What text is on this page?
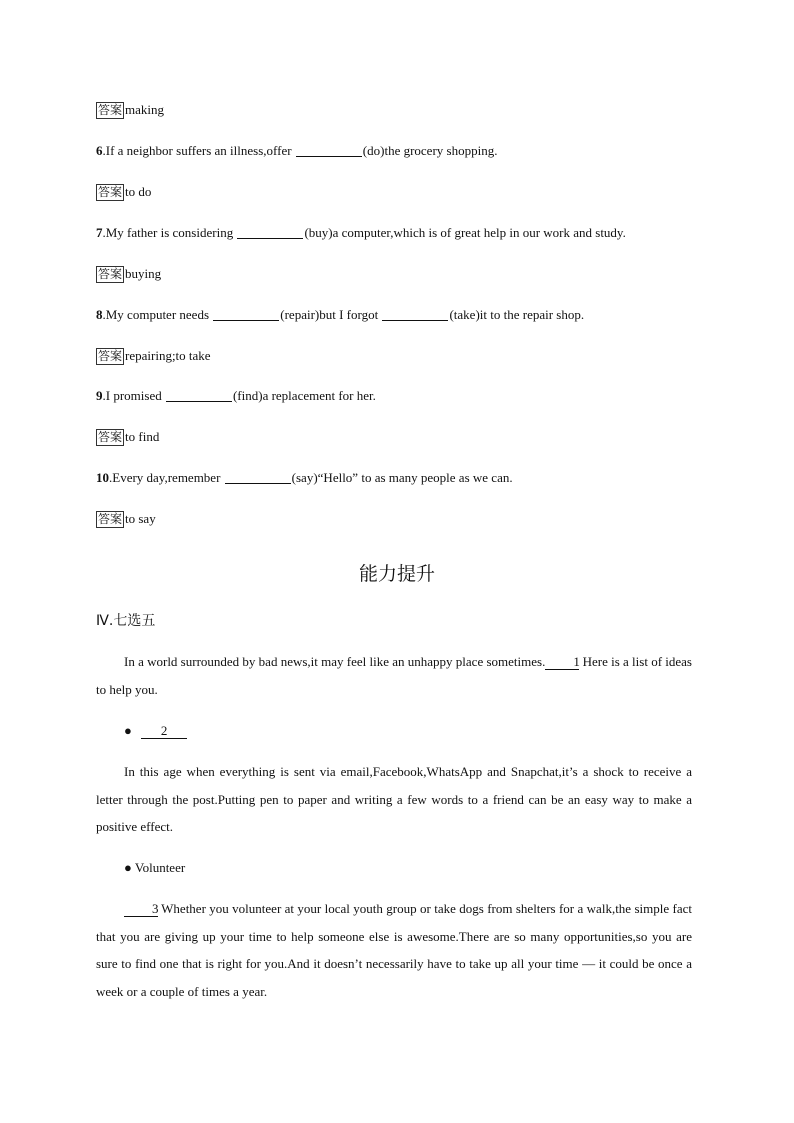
答案 making
6.If a neighbor suffers an illness,offer	(do)the grocery shopping.
答案 to do
7.My father is considering	(buy)a computer,which is of great help in our work and study.
答案 buying
8.My computer needs	(repair)but I forgot	(take)it to the repair shop.
答案 repairing;to take
9.I promised	(find)a replacement for her.
答案 to find
10.Every day,remember	(say)“Hello” to as many people as we can.
答案 to say
能力提升
Ⅳ.七选五
In a world surrounded by bad news,it may feel like an unhappy place sometimes. 1 Here is a list of ideas to help you.
● 2
In this age when everything is sent via email,Facebook,WhatsApp and Snapchat,it’s a shock to receive a letter through the post.Putting pen to paper and writing a few words to a friend can be an easy way to make a positive effect.
● Volunteer
3 Whether you volunteer at your local youth group or take dogs from shelters for a walk,the simple fact that you are giving up your time to help someone else is awesome.There are so many opportunities,so you are sure to find one that is right for you.And it doesn’t necessarily have to take up all your time — it could be once a week or a couple of times a year.
